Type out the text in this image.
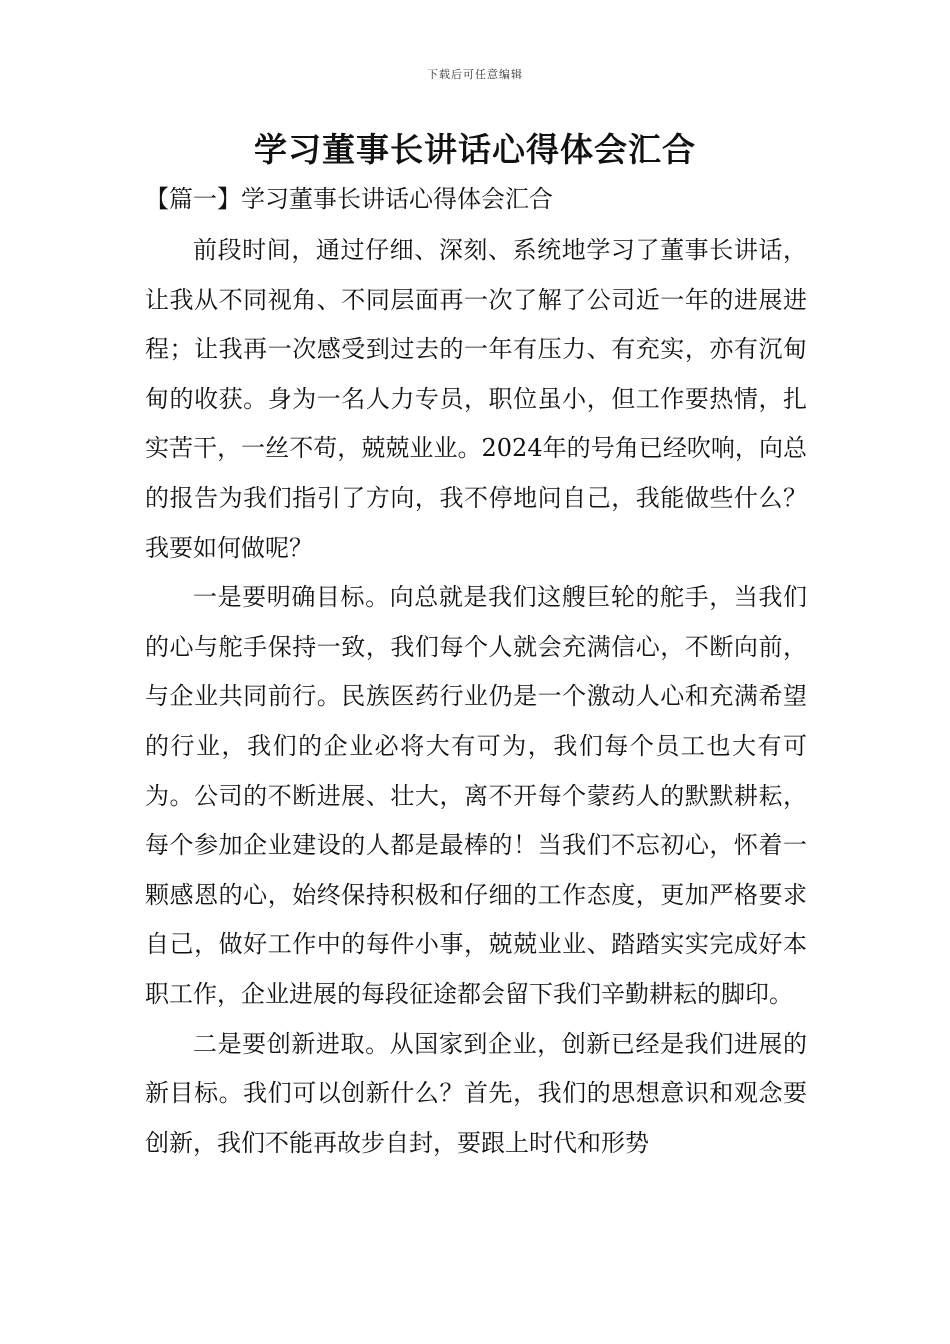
下载后可任意编辑
学习董事长讲话心得体会汇合
【篇一】学习董事长讲话心得体会汇合

前段时间，通过仔细、深刻、系统地学习了董事长讲话，让我从不同视角、不同层面再一次了解了公司近一年的进展进程；让我再一次感受到过去的一年有压力、有充实，亦有沉甸甸的收获。身为一名人力专员，职位虽小，但工作要热情，扎实苦干，一丝不苟，兢兢业业。2024年的号角已经吹响，向总的报告为我们指引了方向，我不停地问自己，我能做些什么？我要如何做呢？

一是要明确目标。向总就是我们这艘巨轮的舵手，当我们的心与舵手保持一致，我们每个人就会充满信心，不断向前，与企业共同前行。民族医药行业仍是一个激动人心和充满希望的行业，我们的企业必将大有可为，我们每个员工也大有可为。公司的不断进展、壮大，离不开每个蒙药人的默默耕耘，每个参加企业建设的人都是最棒的！当我们不忘初心，怀着一颗感恩的心，始终保持积极和仔细的工作态度，更加严格要求自己，做好工作中的每件小事，兢兢业业、踏踏实实完成好本职工作，企业进展的每段征途都会留下我们辛勤耕耘的脚印。

二是要创新进取。从国家到企业，创新已经是我们进展的新目标。我们可以创新什么？首先，我们的思想意识和观念要创新，我们不能再故步自封，要跟上时代和形势
